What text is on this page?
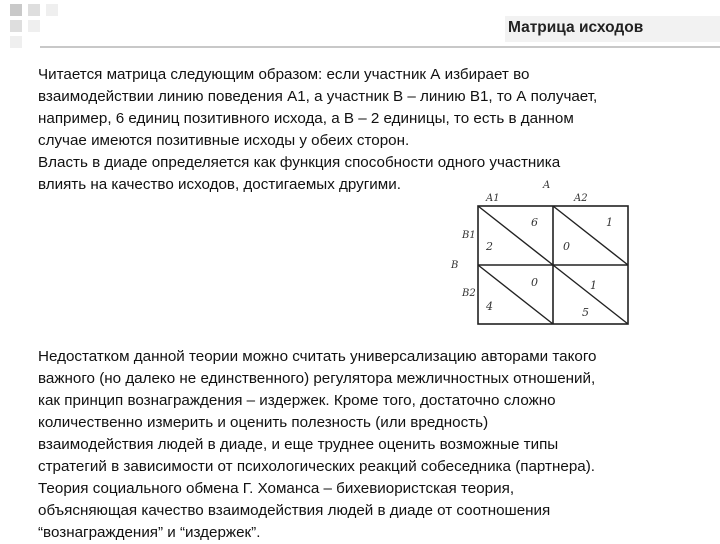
Матрица исходов

Читается матрица следующим образом: если участник А избирает во
взаимодействии линию поведения А1, а участник В – линию В1, то А получает,
например, 6 единиц позитивного исхода, а В – 2 единицы, то есть в данном
случае имеются позитивные исходы у обеих сторон.
Власть в диаде определяется как функция способности одного участника
влиять на качество исходов, достигаемых другими.	A
B
A1	A2
B1
B2
6
2
1
0
0
4
1
5

Недостатком данной теории можно считать универсализацию авторами такого
важного (но далеко не единственного) регулятора межличностных отношений,
как принцип вознаграждения – издержек. Кроме того, достаточно сложно
количественно измерить и оценить полезность (или вредность)
взаимодействия людей в диаде, и еще труднее оценить возможные типы
стратегий в зависимости от психологических реакций собеседника (партнера).
Теория социального обмена Г. Хоманса – бихевиористская теория,
объясняющая качество взаимодействия людей в диаде от соотношения
“вознаграждения” и “издержек”.
